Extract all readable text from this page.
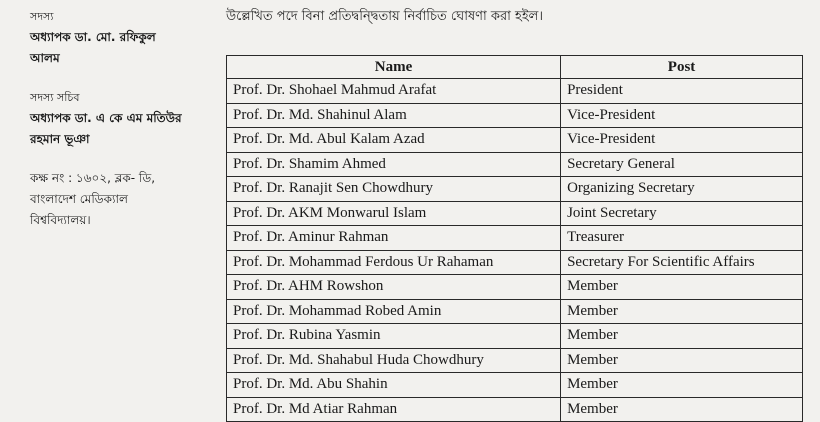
সদস্য
অধ্যাপক ডা. মো. রফিকুল
আলম
সদস্য সচিব
অধ্যাপক ডা. এ কে এম মতিউর
রহমান ভূঞা
কক্ষ নং : ১৬০২, ব্লক- ডি,
বাংলাদেশ মেডিক্যাল
বিশ্ববিদ্যালয়।
উল্লেখিত পদে বিনা প্রতিদ্বন্দ্বিতায় নির্বাচিত ঘোষণা করা হইল।
Name	Post
Prof. Dr. Shohael Mahmud Arafat	President
Prof. Dr. Md. Shahinul Alam	Vice-President
Prof. Dr. Md. Abul Kalam Azad	Vice-President
Prof. Dr. Shamim Ahmed	Secretary General
Prof. Dr. Ranajit Sen Chowdhury	Organizing Secretary
Prof. Dr. AKM Monwarul Islam	Joint Secretary
Prof. Dr. Aminur Rahman	Treasurer
Prof. Dr. Mohammad Ferdous Ur Rahaman	Secretary For Scientific Affairs
Prof. Dr. AHM Rowshon	Member
Prof. Dr. Mohammad Robed Amin	Member
Prof. Dr. Rubina Yasmin	Member
Prof. Dr. Md. Shahabul Huda Chowdhury	Member
Prof. Dr. Md. Abu Shahin	Member
Prof. Dr. Md Atiar Rahman	Member
